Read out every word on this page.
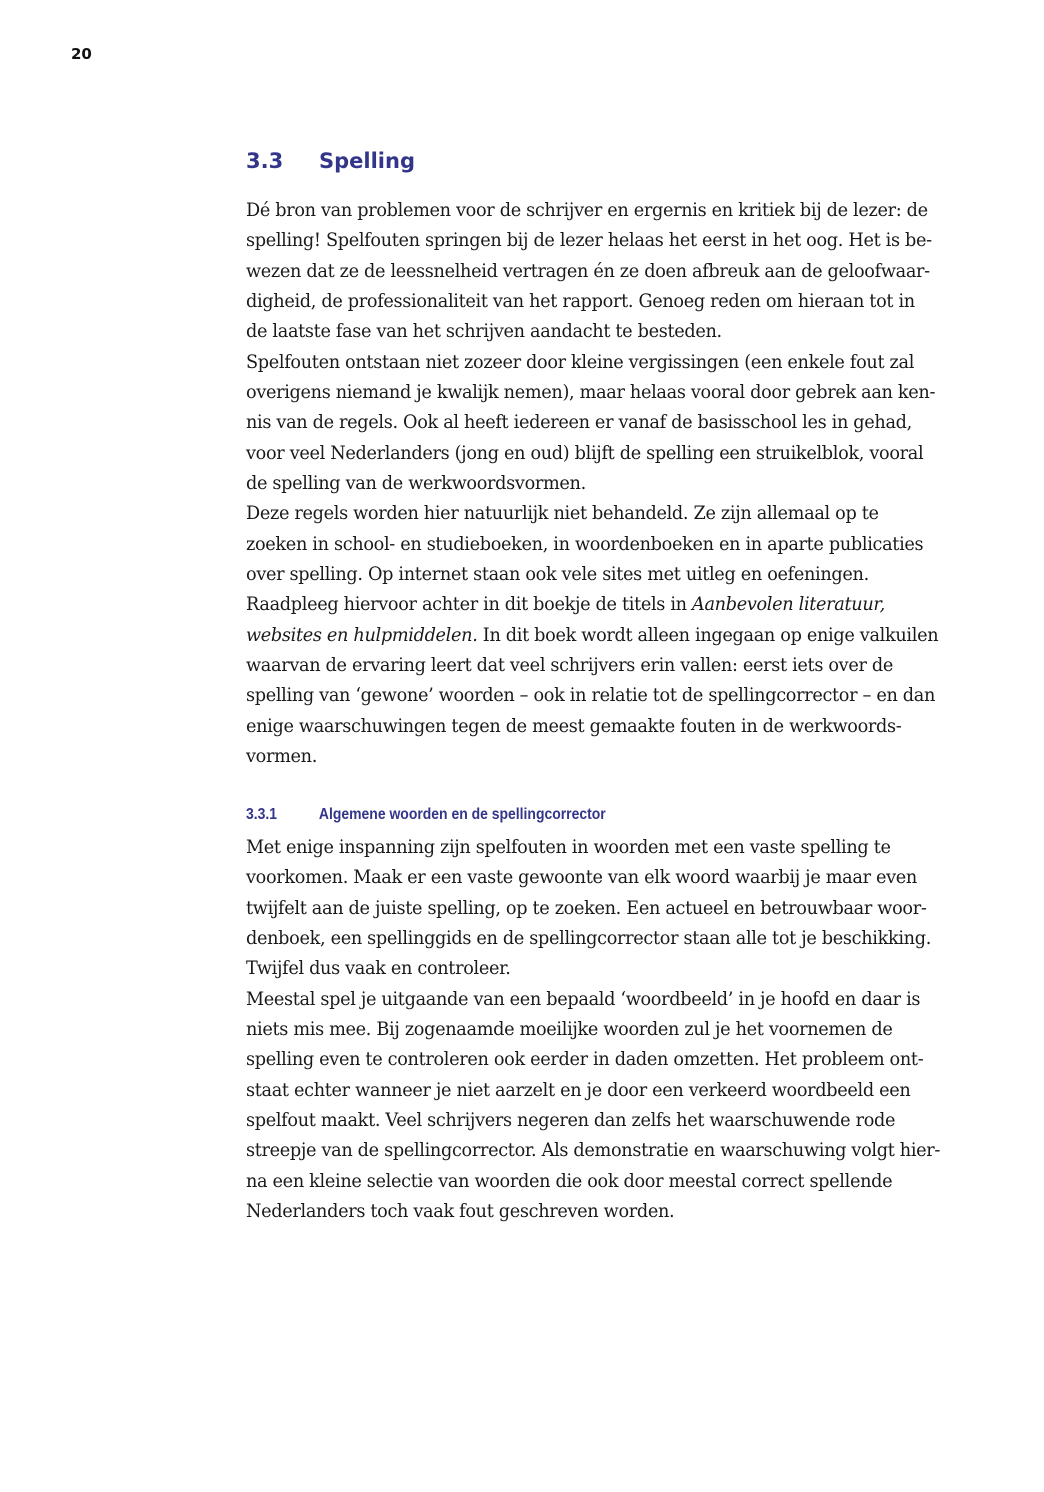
20
3.3 Spelling
Dé bron van problemen voor de schrijver en ergernis en kritiek bij de lezer: de
spelling! Spelfouten springen bij de lezer helaas het eerst in het oog. Het is be-
wezen dat ze de leessnelheid vertragen én ze doen afbreuk aan de geloofwaar-
digheid, de professionaliteit van het rapport. Genoeg reden om hieraan tot in
de laatste fase van het schrijven aandacht te besteden.
Spelfouten ontstaan niet zozeer door kleine vergissingen (een enkele fout zal
overigens niemand je kwalijk nemen), maar helaas vooral door gebrek aan ken-
nis van de regels. Ook al heeft iedereen er vanaf de basisschool les in gehad,
voor veel Nederlanders (jong en oud) blijft de spelling een struikelblok, vooral
de spelling van de werkwoordsvormen.
Deze regels worden hier natuurlijk niet behandeld. Ze zijn allemaal op te
zoeken in school- en studieboeken, in woordenboeken en in aparte publicaties
over spelling. Op internet staan ook vele sites met uitleg en oefeningen.
Raadpleeg hiervoor achter in dit boekje de titels in Aanbevolen literatuur,
websites en hulpmiddelen. In dit boek wordt alleen ingegaan op enige valkuilen
waarvan de ervaring leert dat veel schrijvers erin vallen: eerst iets over de
spelling van ‘gewone’ woorden – ook in relatie tot de spellingcorrector – en dan
enige waarschuwingen tegen de meest gemaakte fouten in de werkwoords-
vormen.
3.3.1	Algemene woorden en de spellingcorrector
Met enige inspanning zijn spelfouten in woorden met een vaste spelling te
voorkomen. Maak er een vaste gewoonte van elk woord waarbij je maar even
twijfelt aan de juiste spelling, op te zoeken. Een actueel en betrouwbaar woor-
denboek, een spellinggids en de spellingcorrector staan alle tot je beschikking.
Twijfel dus vaak en controleer.
Meestal spel je uitgaande van een bepaald ‘woordbeeld’ in je hoofd en daar is
niets mis mee. Bij zogenaamde moeilijke woorden zul je het voornemen de
spelling even te controleren ook eerder in daden omzetten. Het probleem ont-
staat echter wanneer je niet aarzelt en je door een verkeerd woordbeeld een
spelfout maakt. Veel schrijvers negeren dan zelfs het waarschuwende rode
streepje van de spellingcorrector. Als demonstratie en waarschuwing volgt hier-
na een kleine selectie van woorden die ook door meestal correct spellende
Nederlanders toch vaak fout geschreven worden.
